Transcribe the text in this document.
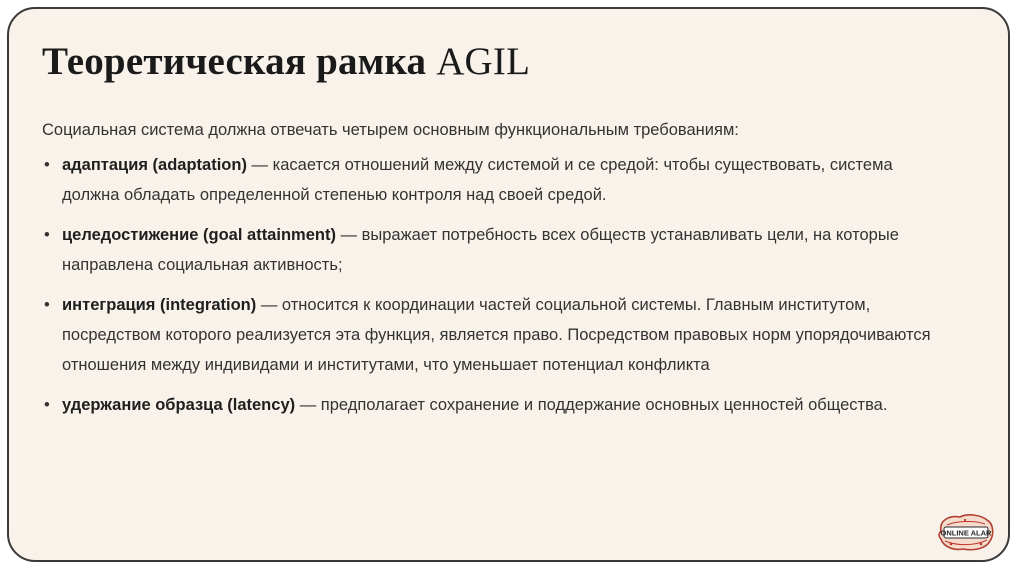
Теоретическая рамка AGIL

Социальная система должна отвечать четырем основным функциональным требованиям:

• адаптация (adaptation) — касается отношений между системой и се средой: чтобы существовать, система должна обладать определенной степенью контроля над своей средой.
• целедостижение (goal attainment) — выражает потребность всех обществ устанавливать цели, на которые направлена социальная активность;
• интеграция (integration) — относится к координации частей социальной системы. Главным институтом, посредством которого реализуется эта функция, является право. Посредством правовых норм упорядочиваются отношения между индивидами и институтами, что уменьшает потенциал конфликта
• удержание образца (latency) — предполагает сохранение и поддержание основных ценностей общества.
ONLINE ALAR
